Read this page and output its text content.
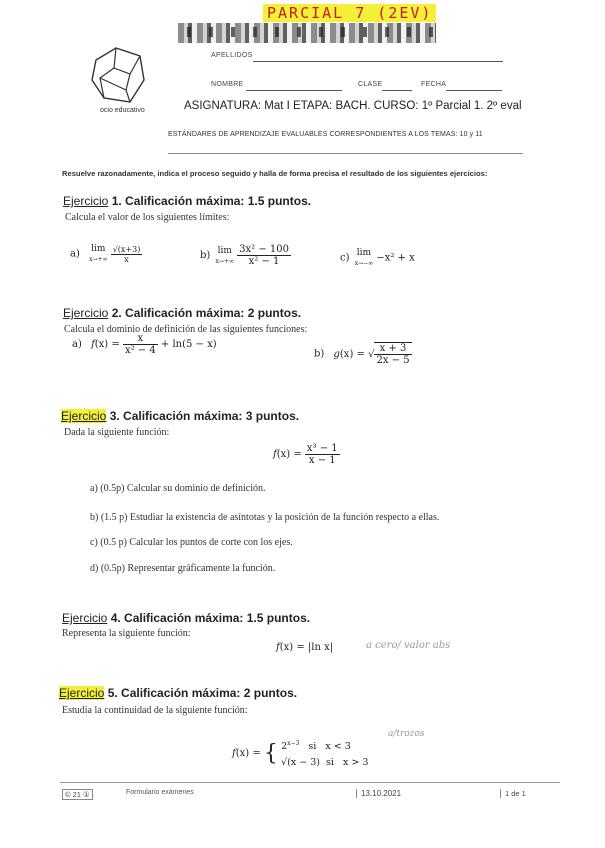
PARCIAL 7 (2EV)
ocio educativo
APELLIDOS
NOMBRE	CLASE	FECHA
ASIGNATURA: Mat I ETAPA: BACH. CURSO: 1º Parcial 1. 2º eval
ESTÁNDARES DE APRENDIZAJE EVALUABLES CORRESPONDIENTES A LOS TEMAS: 10 y 11
Resuelve razonadamente, indica el proceso seguido y halla de forma precisa el resultado de los siguientes ejercicios:
Ejercicio 1. Calificación máxima: 1.5 puntos.
Calcula el valor de los siguientes límites:
a) lim
$x\to+\infty \frac{√(x+3)}{x}$	b) lim
$x\to+\infty \frac{\text{3x² − 100}}{\text{x² − 1}}$	c) lim
x→−∞ −x² + x
Ejercicio 2. Calificación máxima: 2 puntos.
Calcula el dominio de definición de las siguientes funciones:
a) $f(x) = \frac{x}{\text{x² − 4}} + \ln(5 - x)$
b) g(x) = √ $\frac{x + 3}{2x - 5}$
Ejercicio 3. Calificación máxima: 3 puntos.
Dada la siguiente función:
$f(x) = \frac{\text{x³ − 1}}{x - 1}$
a) (0.5p) Calcular su dominio de definición.
b) (1.5 p) Estudiar la existencia de asíntotas y la posición de la función respecto a ellas.
c) (0.5 p) Calcular los puntos de corte con los ejes.
d) (0.5p) Representar gráficamente la función.
Ejercicio 4. Calificación máxima: 1.5 puntos.
Representa la siguiente función:
f(x) = |ln x|	a cero/ valor abs
Ejercicio 5. Calificación máxima: 2 puntos.
Estudia la continuidad de la siguiente función:
f(x) = { $2^{x-3}$   si   x < 3
√(x − 3)  si   x > 3
a/trozos
© 21 ①	Formulario exámenes	13.10.2021	1 de 1
